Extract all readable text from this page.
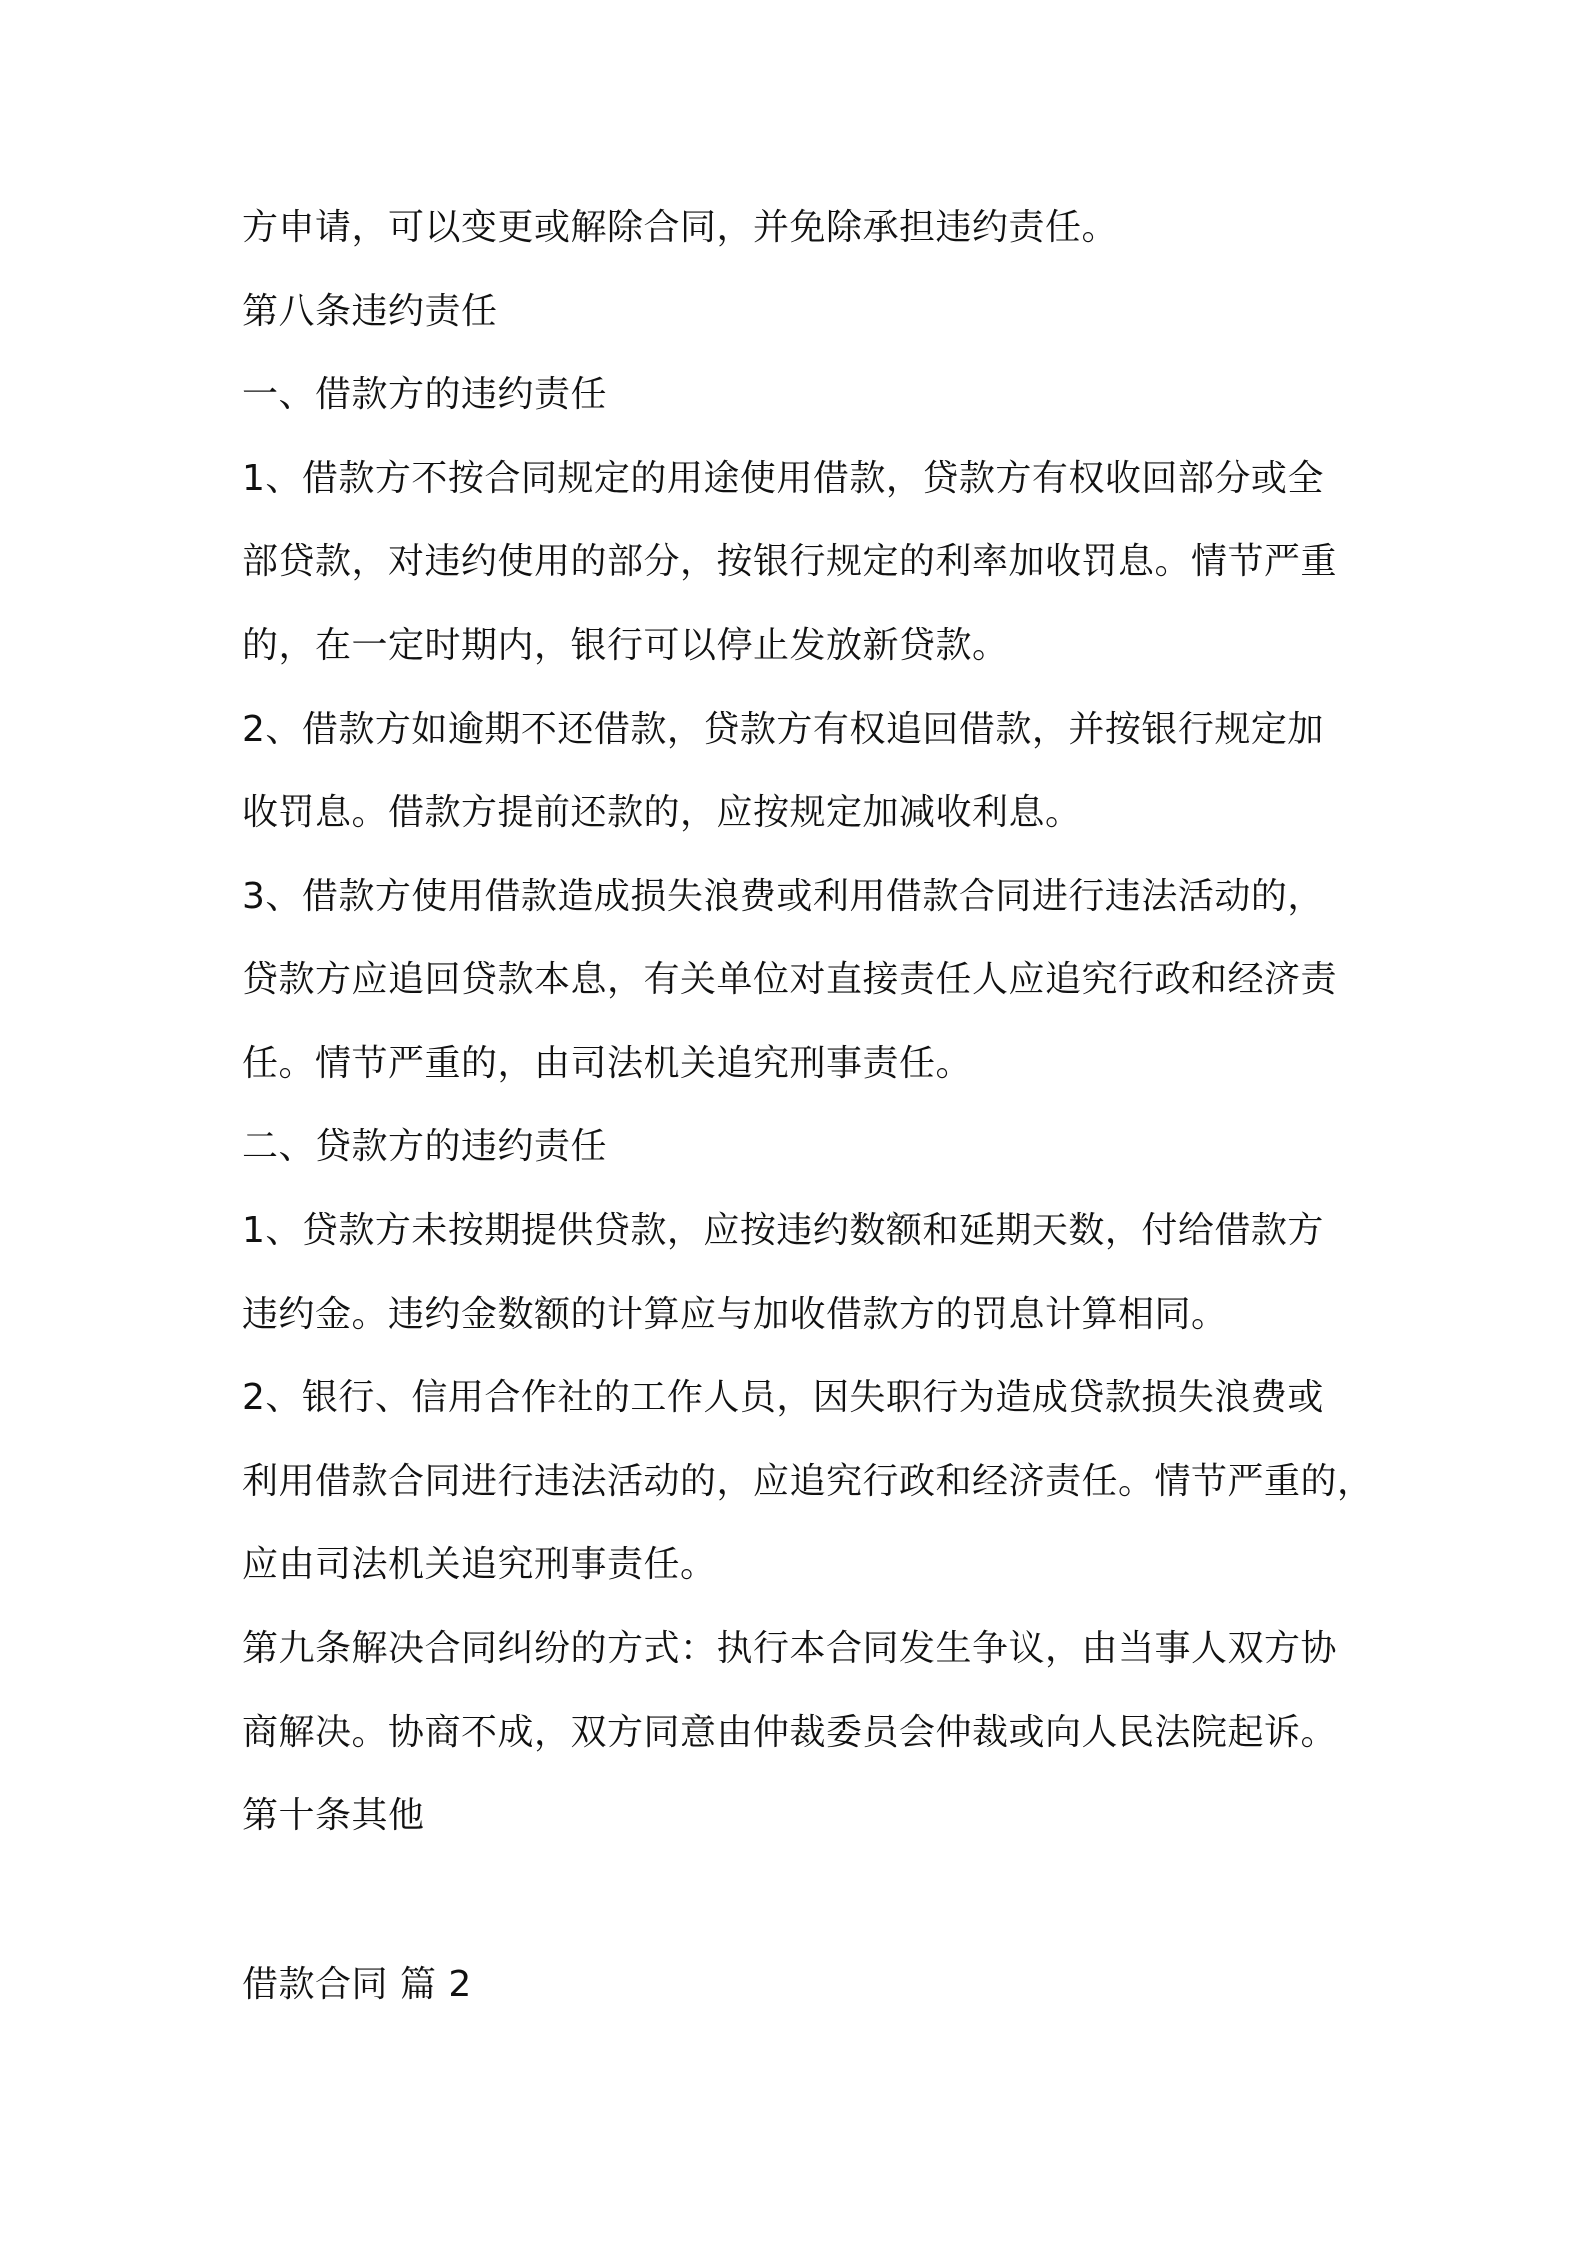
方申请，可以变更或解除合同，并免除承担违约责任。
第八条违约责任
一、借款方的违约责任
1、借款方不按合同规定的用途使用借款，贷款方有权收回部分或全
部贷款，对违约使用的部分，按银行规定的利率加收罚息。情节严重
的，在一定时期内，银行可以停止发放新贷款。
2、借款方如逾期不还借款，贷款方有权追回借款，并按银行规定加
收罚息。借款方提前还款的，应按规定加减收利息。
3、借款方使用借款造成损失浪费或利用借款合同进行违法活动的，
贷款方应追回贷款本息，有关单位对直接责任人应追究行政和经济责
任。情节严重的，由司法机关追究刑事责任。
二、贷款方的违约责任
1、贷款方未按期提供贷款，应按违约数额和延期天数，付给借款方
违约金。违约金数额的计算应与加收借款方的罚息计算相同。
2、银行、信用合作社的工作人员，因失职行为造成贷款损失浪费或
利用借款合同进行违法活动的，应追究行政和经济责任。情节严重的，
应由司法机关追究刑事责任。
第九条解决合同纠纷的方式：执行本合同发生争议，由当事人双方协
商解决。协商不成，双方同意由仲裁委员会仲裁或向人民法院起诉。
第十条其他
借款合同 篇 2
